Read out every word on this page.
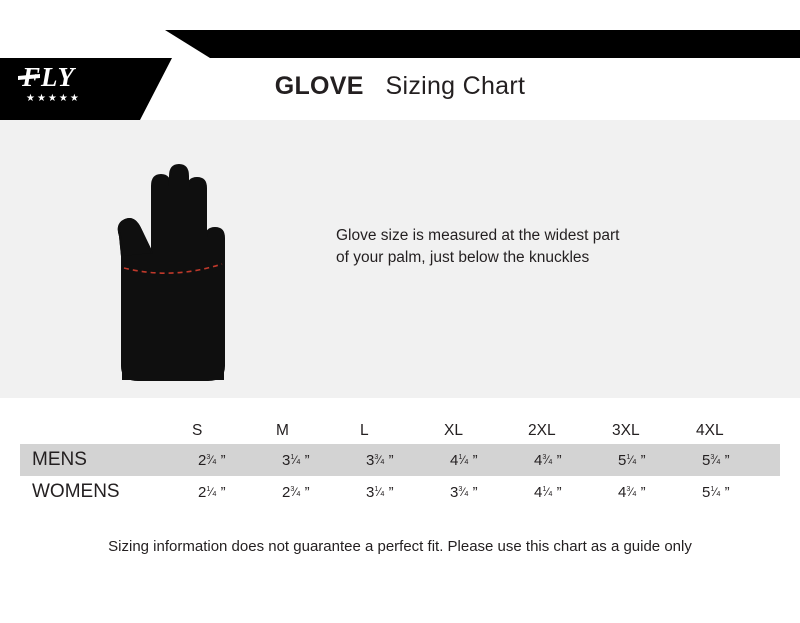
FLY
★★★★★	GLOVE Sizing Chart
Glove size is measured at the widest part
of your palm, just below the knuckles
	S	M	L	XL	2XL	3XL	4XL
MENS	$2^3⁄4$ ”	$3^1⁄4$ ”	$3^3⁄4$ ”	$4^1⁄4$ ”	$4^3⁄4$ ”	$5^1⁄4$ ”	$5^3⁄4$ ”
WOMENS	$2^1⁄4$ ”	$2^3⁄4$ ”	$3^1⁄4$ ”	$3^3⁄4$ ”	$4^1⁄4$ ”	$4^3⁄4$ ”	$5^1⁄4$ ”
Sizing information does not guarantee a perfect fit. Please use this chart as a guide only
